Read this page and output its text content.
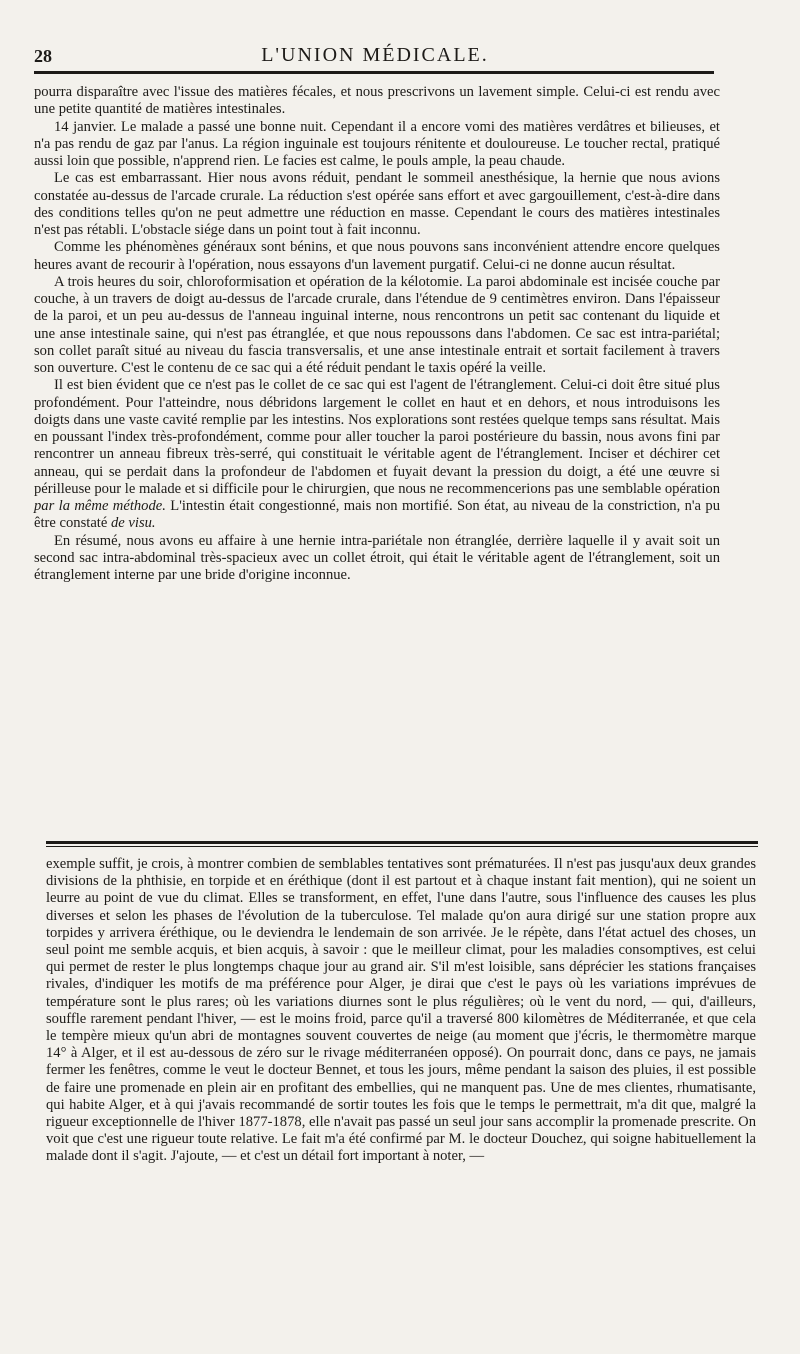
28	L'UNION MÉDICALE.

pourra disparaître avec l'issue des matières fécales, et nous prescrivons un lavement simple. Celui-ci est rendu avec une petite quantité de matières intestinales.

14 janvier. Le malade a passé une bonne nuit. Cependant il a encore vomi des matières verdâtres et bilieuses, et n'a pas rendu de gaz par l'anus. La région inguinale est toujours rénitente et douloureuse. Le toucher rectal, pratiqué aussi loin que possible, n'apprend rien. Le facies est calme, le pouls ample, la peau chaude.

Le cas est embarrassant. Hier nous avons réduit, pendant le sommeil anesthésique, la hernie que nous avions constatée au-dessus de l'arcade crurale. La réduction s'est opérée sans effort et avec gargouillement, c'est-à-dire dans des conditions telles qu'on ne peut admettre une réduction en masse. Cependant le cours des matières intestinales n'est pas rétabli. L'obstacle siége dans un point tout à fait inconnu.

Comme les phénomènes généraux sont bénins, et que nous pouvons sans inconvénient attendre encore quelques heures avant de recourir à l'opération, nous essayons d'un lavement purgatif. Celui-ci ne donne aucun résultat.

A trois heures du soir, chloroformisation et opération de la kélotomie. La paroi abdominale est incisée couche par couche, à un travers de doigt au-dessus de l'arcade crurale, dans l'étendue de 9 centimètres environ. Dans l'épaisseur de la paroi, et un peu au-dessus de l'anneau inguinal interne, nous rencontrons un petit sac contenant du liquide et une anse intestinale saine, qui n'est pas étranglée, et que nous repoussons dans l'abdomen. Ce sac est intra-pariétal; son collet paraît situé au niveau du fascia transversalis, et une anse intestinale entrait et sortait facilement à travers son ouverture. C'est le contenu de ce sac qui a été réduit pendant le taxis opéré la veille.

Il est bien évident que ce n'est pas le collet de ce sac qui est l'agent de l'étranglement. Celui-ci doit être situé plus profondément. Pour l'atteindre, nous débridons largement le collet en haut et en dehors, et nous introduisons les doigts dans une vaste cavité remplie par les intestins. Nos explorations sont restées quelque temps sans résultat. Mais en poussant l'index très-profondément, comme pour aller toucher la paroi postérieure du bassin, nous avons fini par rencontrer un anneau fibreux très-serré, qui constituait le véritable agent de l'étranglement. Inciser et déchirer cet anneau, qui se perdait dans la profondeur de l'abdomen et fuyait devant la pression du doigt, a été une œuvre si périlleuse pour le malade et si difficile pour le chirurgien, que nous ne recommencerions pas une semblable opération par la même méthode. L'intestin était congestionné, mais non mortifié. Son état, au niveau de la constriction, n'a pu être constaté de visu.

En résumé, nous avons eu affaire à une hernie intra-pariétale non étranglée, derrière laquelle il y avait soit un second sac intra-abdominal très-spacieux avec un collet étroit, qui était le véritable agent de l'étranglement, soit un étranglement interne par une bride d'origine inconnue.

exemple suffit, je crois, à montrer combien de semblables tentatives sont prématurées. Il n'est pas jusqu'aux deux grandes divisions de la phthisie, en torpide et en éréthique (dont il est partout et à chaque instant fait mention), qui ne soient un leurre au point de vue du climat. Elles se transforment, en effet, l'une dans l'autre, sous l'influence des causes les plus diverses et selon les phases de l'évolution de la tuberculose. Tel malade qu'on aura dirigé sur une station propre aux torpides y arrivera éréthique, ou le deviendra le lendemain de son arrivée. Je le répète, dans l'état actuel des choses, un seul point me semble acquis, et bien acquis, à savoir : que le meilleur climat, pour les maladies consomptives, est celui qui permet de rester le plus longtemps chaque jour au grand air. S'il m'est loisible, sans déprécier les stations françaises rivales, d'indiquer les motifs de ma préférence pour Alger, je dirai que c'est le pays où les variations imprévues de température sont le plus rares; où les variations diurnes sont le plus régulières; où le vent du nord, — qui, d'ailleurs, souffle rarement pendant l'hiver, — est le moins froid, parce qu'il a traversé 800 kilomètres de Méditerranée, et que cela le tempère mieux qu'un abri de montagnes souvent couvertes de neige (au moment que j'écris, le thermomètre marque 14° à Alger, et il est au-dessous de zéro sur le rivage méditerranéen opposé). On pourrait donc, dans ce pays, ne jamais fermer les fenêtres, comme le veut le docteur Bennet, et tous les jours, même pendant la saison des pluies, il est possible de faire une promenade en plein air en profitant des embellies, qui ne manquent pas. Une de mes clientes, rhumatisante, qui habite Alger, et à qui j'avais recommandé de sortir toutes les fois que le temps le permettrait, m'a dit que, malgré la rigueur exceptionnelle de l'hiver 1877-1878, elle n'avait pas passé un seul jour sans accomplir la promenade prescrite. On voit que c'est une rigueur toute relative. Le fait m'a été confirmé par M. le docteur Douchez, qui soigne habituellement la malade dont il s'agit. J'ajoute, — et c'est un détail fort important à noter, —
